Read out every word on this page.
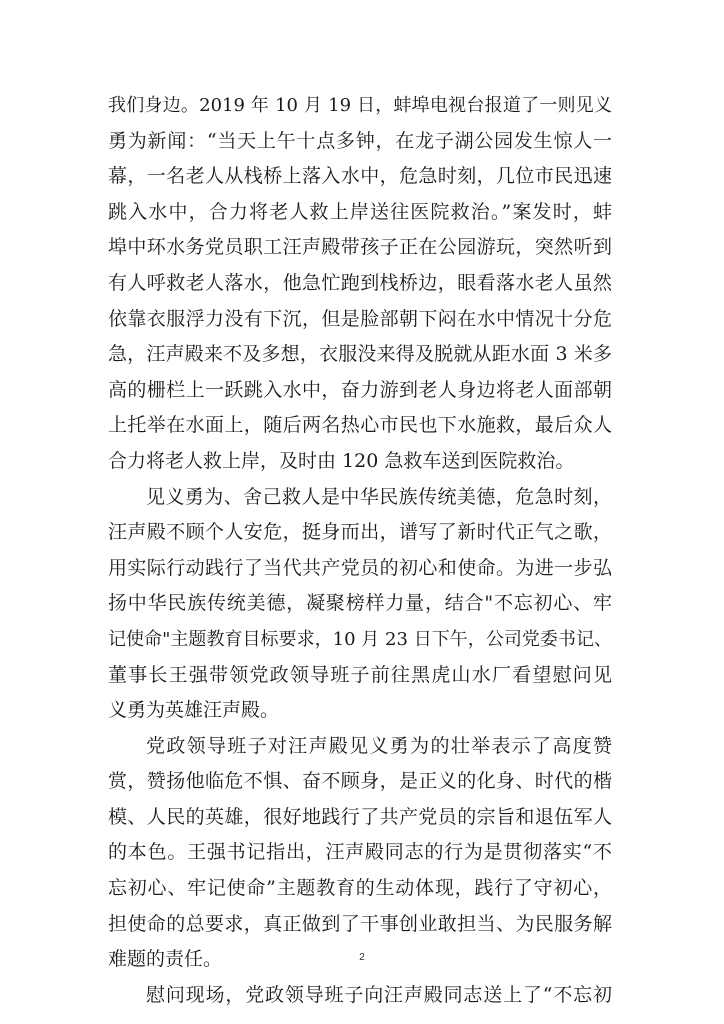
我们身边。2019 年 10 月 19 日，蚌埠电视台报道了一则见义
勇为新闻：“当天上午十点多钟，在龙子湖公园发生惊人一
幕，一名老人从栈桥上落入水中，危急时刻，几位市民迅速
跳入水中，合力将老人救上岸送往医院救治。”案发时，蚌
埠中环水务党员职工汪声殿带孩子正在公园游玩，突然听到
有人呼救老人落水，他急忙跑到栈桥边，眼看落水老人虽然
依靠衣服浮力没有下沉，但是脸部朝下闷在水中情况十分危
急，汪声殿来不及多想，衣服没来得及脱就从距水面 3 米多
高的栅栏上一跃跳入水中，奋力游到老人身边将老人面部朝
上托举在水面上，随后两名热心市民也下水施救，最后众人
合力将老人救上岸，及时由 120 急救车送到医院救治。
见义勇为、舍己救人是中华民族传统美德，危急时刻，
汪声殿不顾个人安危，挺身而出，谱写了新时代正气之歌，
用实际行动践行了当代共产党员的初心和使命。为进一步弘
扬中华民族传统美德，凝聚榜样力量，结合"不忘初心、牢
记使命"主题教育目标要求，10 月 23 日下午，公司党委书记、
董事长王强带领党政领导班子前往黑虎山水厂看望慰问见
义勇为英雄汪声殿。
党政领导班子对汪声殿见义勇为的壮举表示了高度赞
赏，赞扬他临危不惧、奋不顾身，是正义的化身、时代的楷
模、人民的英雄，很好地践行了共产党员的宗旨和退伍军人
的本色。王强书记指出，汪声殿同志的行为是贯彻落实“不
忘初心、牢记使命”主题教育的生动体现，践行了守初心，
担使命的总要求，真正做到了干事创业敢担当、为民服务解
难题的责任。
慰问现场，党政领导班子向汪声殿同志送上了“不忘初
2
